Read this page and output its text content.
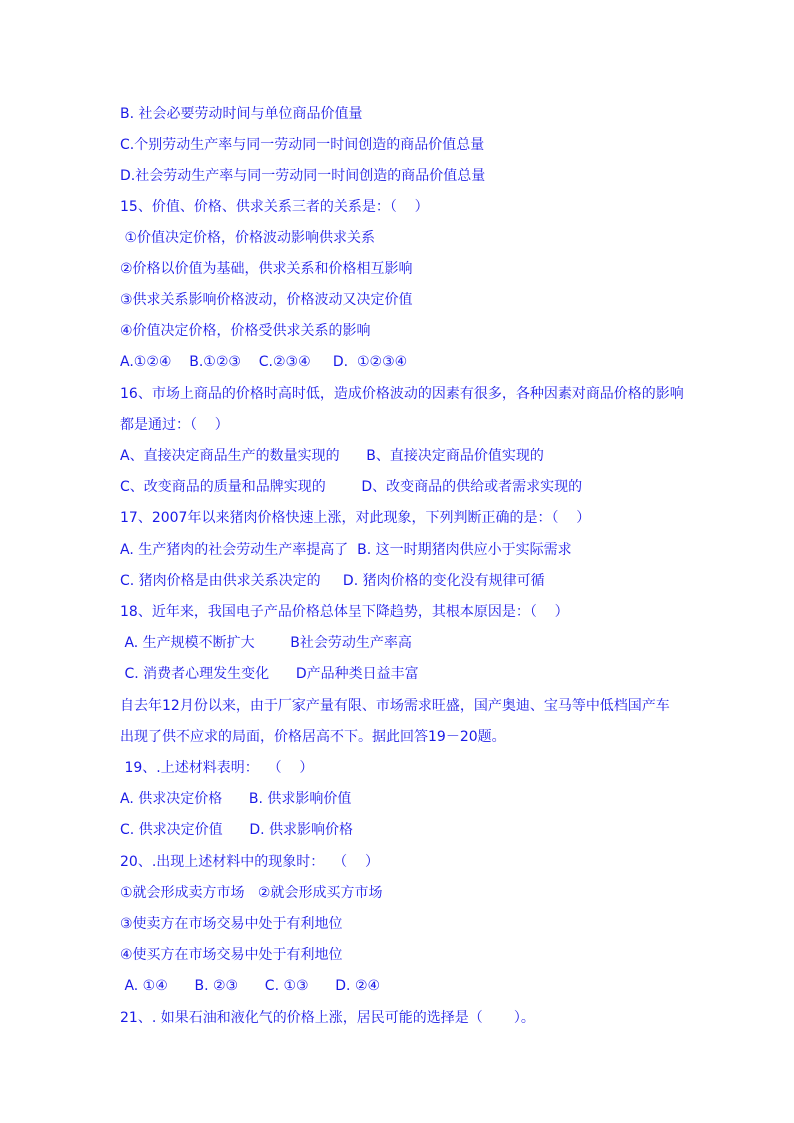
B. 社会必要劳动时间与单位商品价值量
C.个别劳动生产率与同一劳动同一时间创造的商品价值总量
D.社会劳动生产率与同一劳动同一时间创造的商品价值总量
15、价值、价格、供求关系三者的关系是：（    ）
①价值决定价格，价格波动影响供求关系
②价格以价值为基础，供求关系和价格相互影响
③供求关系影响价格波动，价格波动又决定价值
④价值决定价格，价格受供求关系的影响
A.①②④    B.①②③    C.②③④     D.  ①②③④
16、市场上商品的价格时高时低，造成价格波动的因素有很多，各种因素对商品价格的影响
都是通过：（    ）
A、直接决定商品生产的数量实现的      B、直接决定商品价值实现的
C、改变商品的质量和品牌实现的        D、改变商品的供给或者需求实现的
17、2007年以来猪肉价格快速上涨，对此现象，下列判断正确的是：（    ）
A. 生产猪肉的社会劳动生产率提高了  B. 这一时期猪肉供应小于实际需求
C. 猪肉价格是由供求关系决定的     D. 猪肉价格的变化没有规律可循
18、近年来，我国电子产品价格总体呈下降趋势，其根本原因是：（    ）
A. 生产规模不断扩大        B社会劳动生产率高
C. 消费者心理发生变化      D产品种类日益丰富
自去年12月份以来，由于厂家产量有限、市场需求旺盛，国产奥迪、宝马等中低档国产车
出现了供不应求的局面，价格居高不下。据此回答19－20题。
19、.上述材料表明：  （    ）
A. 供求决定价格      B. 供求影响价值
C. 供求决定价值      D. 供求影响价格
20、.出现上述材料中的现象时：  （    ）
①就会形成卖方市场   ②就会形成买方市场
③使卖方在市场交易中处于有利地位
④使买方在市场交易中处于有利地位
A. ①④      B. ②③      C. ①③      D. ②④
21、. 如果石油和液化气的价格上涨，居民可能的选择是（       ）。
